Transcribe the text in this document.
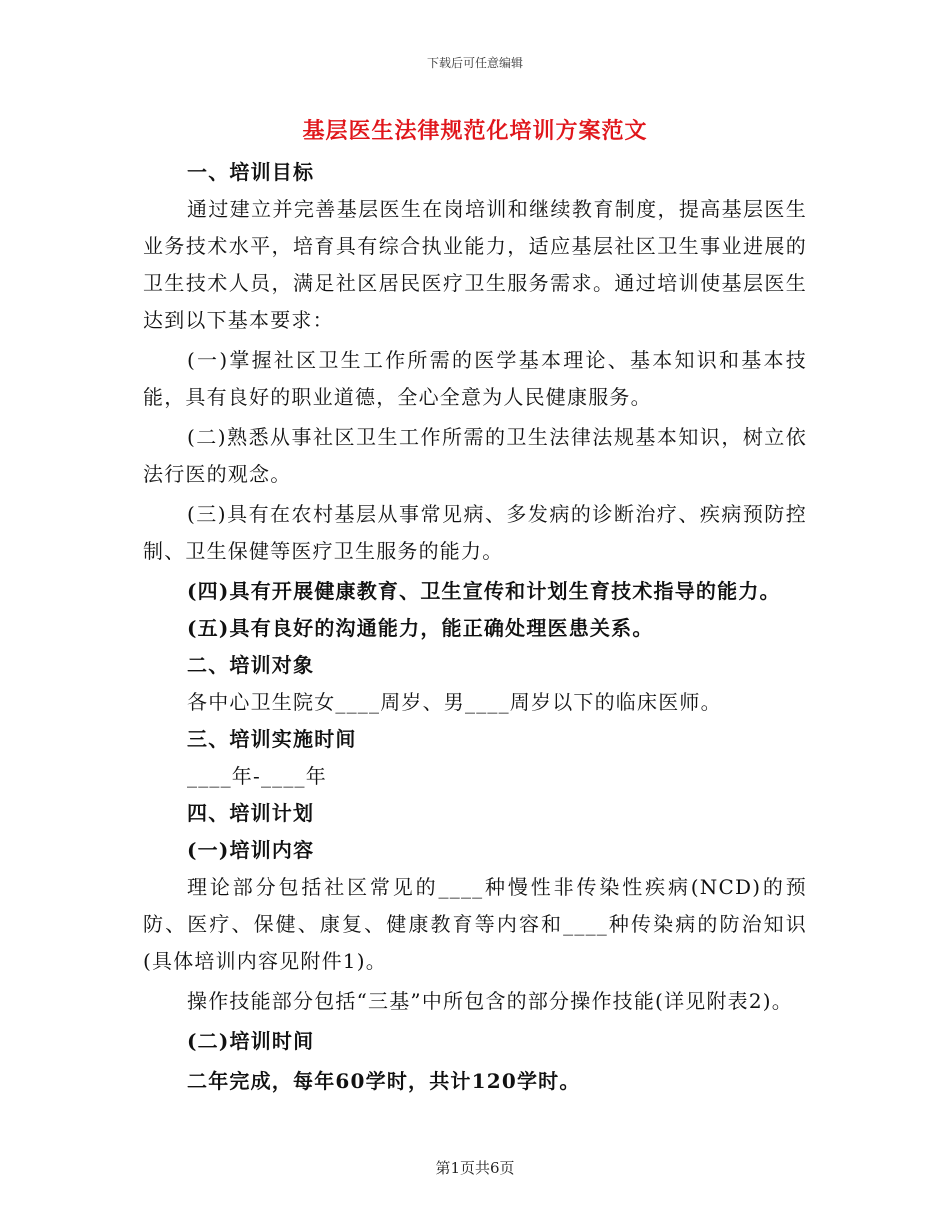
下载后可任意编辑
基层医生法律规范化培训方案范文

一、培训目标

通过建立并完善基层医生在岗培训和继续教育制度，提高基层医生业务技术水平，培育具有综合执业能力，适应基层社区卫生事业进展的卫生技术人员，满足社区居民医疗卫生服务需求。通过培训使基层医生达到以下基本要求：

(一)掌握社区卫生工作所需的医学基本理论、基本知识和基本技能，具有良好的职业道德，全心全意为人民健康服务。

(二)熟悉从事社区卫生工作所需的卫生法律法规基本知识，树立依法行医的观念。

(三)具有在农村基层从事常见病、多发病的诊断治疗、疾病预防控制、卫生保健等医疗卫生服务的能力。

(四)具有开展健康教育、卫生宣传和计划生育技术指导的能力。

(五)具有良好的沟通能力，能正确处理医患关系。

二、培训对象

各中心卫生院女____周岁、男____周岁以下的临床医师。

三、培训实施时间

____年-____年

四、培训计划

(一)培训内容

理论部分包括社区常见的____种慢性非传染性疾病(NCD)的预防、医疗、保健、康复、健康教育等内容和____种传染病的防治知识(具体培训内容见附件1)。

操作技能部分包括“三基”中所包含的部分操作技能(详见附表2)。

(二)培训时间

二年完成，每年60学时，共计120学时。

第1页共6页
